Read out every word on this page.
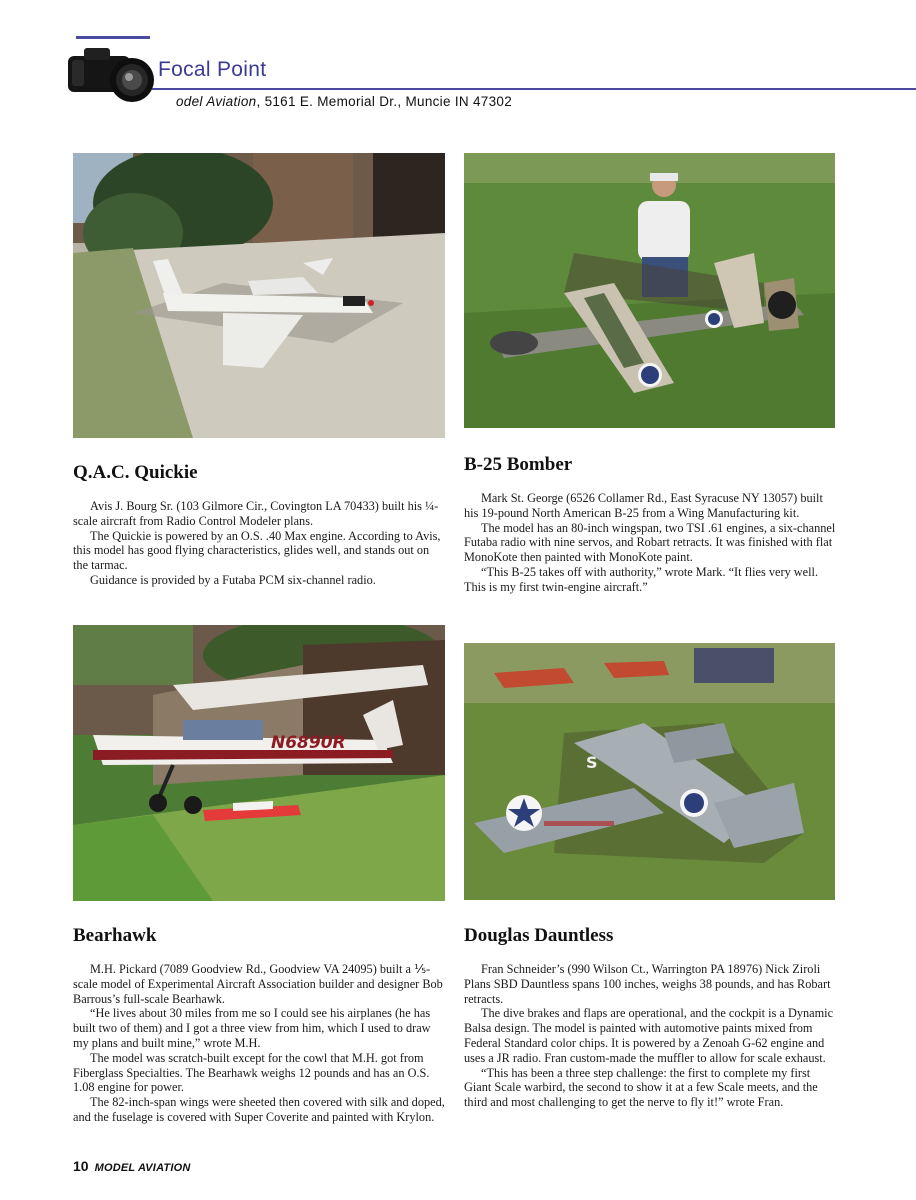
Focal Point
odel Aviation, 5161 E. Memorial Dr., Muncie IN 47302
Q.A.C. Quickie

Avis J. Bourg Sr. (103 Gilmore Cir., Covington LA 70433) built his ¼-scale aircraft from Radio Control Modeler plans.

The Quickie is powered by an O.S. .40 Max engine. According to Avis, this model has good flying characteristics, glides well, and stands out on the tarmac.

Guidance is provided by a Futaba PCM six-channel radio.

B-25 Bomber

Mark St. George (6526 Collamer Rd., East Syracuse NY 13057) built his 19-pound North American B-25 from a Wing Manufacturing kit.

The model has an 80-inch wingspan, two TSI .61 engines, a six-channel Futaba radio with nine servos, and Robart retracts. It was finished with flat MonoKote then painted with MonoKote paint.

“This B-25 takes off with authority,” wrote Mark. “It flies very well. This is my first twin-engine aircraft.”

N6890R
S
Bearhawk

M.H. Pickard (7089 Goodview Rd., Goodview VA 24095) built a ⅕-scale model of Experimental Aircraft Association builder and designer Bob Barrous’s full-scale Bearhawk.

“He lives about 30 miles from me so I could see his airplanes (he has built two of them) and I got a three view from him, which I used to draw my plans and built mine,” wrote M.H.

The model was scratch-built except for the cowl that M.H. got from Fiberglass Specialties. The Bearhawk weighs 12 pounds and has an O.S. 1.08 engine for power.

The 82-inch-span wings were sheeted then covered with silk and doped, and the fuselage is covered with Super Coverite and painted with Krylon.

Douglas Dauntless

Fran Schneider’s (990 Wilson Ct., Warrington PA 18976) Nick Ziroli Plans SBD Dauntless spans 100 inches, weighs 38 pounds, and has Robart retracts.

The dive brakes and flaps are operational, and the cockpit is a Dynamic Balsa design. The model is painted with automotive paints mixed from Federal Standard color chips. It is powered by a Zenoah G-62 engine and uses a JR radio. Fran custom-made the muffler to allow for scale exhaust.

“This has been a three step challenge: the first to complete my first Giant Scale warbird, the second to show it at a few Scale meets, and the third and most challenging to get the nerve to fly it!” wrote Fran.

10 MODEL AVIATION
